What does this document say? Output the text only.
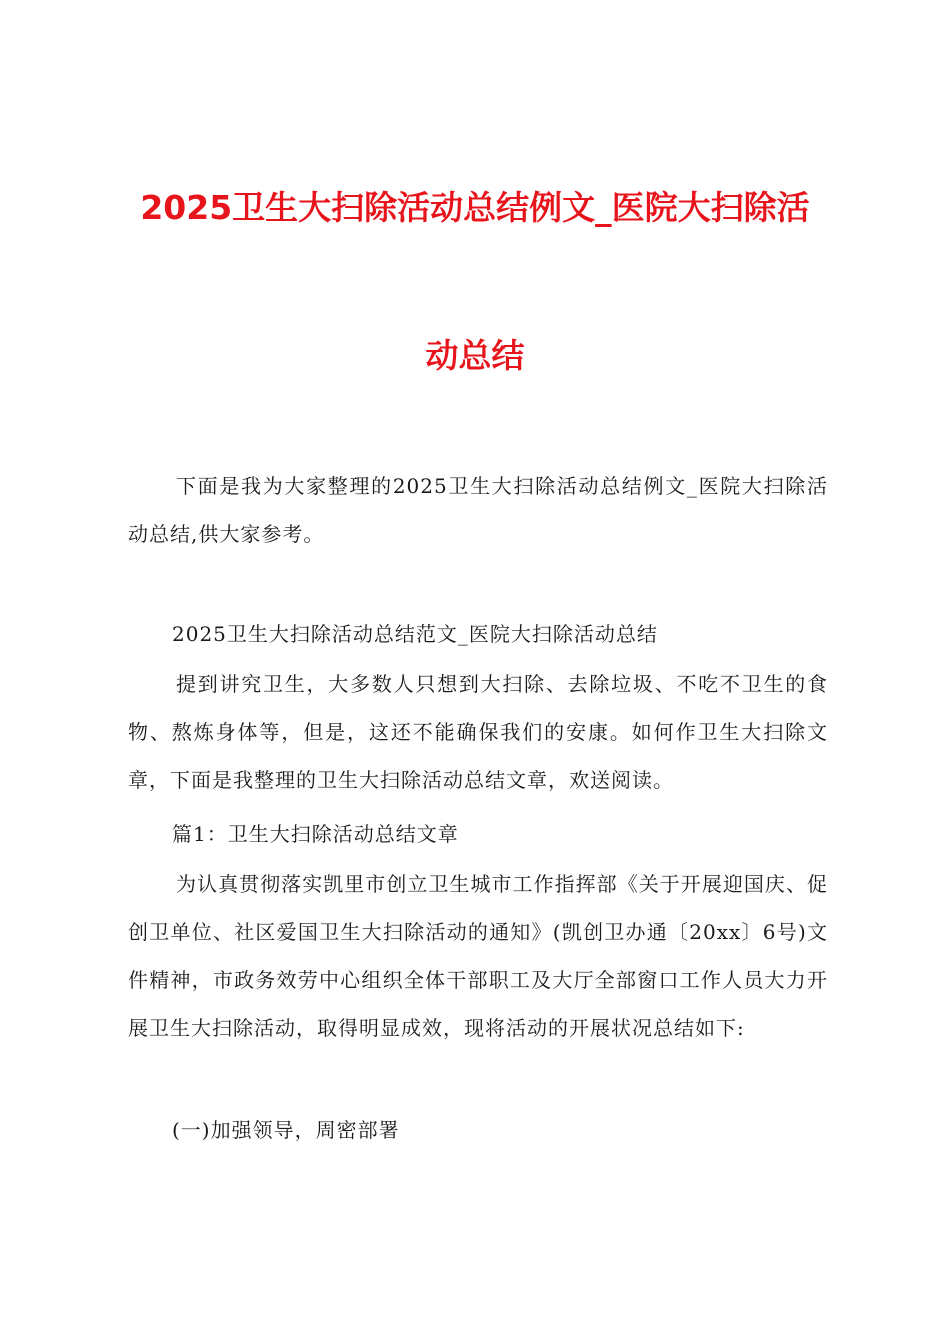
2025卫生大扫除活动总结例文_医院大扫除活
动总结

下面是我为大家整理的2025卫生大扫除活动总结例文_医院大扫除活动总结,供大家参考。

2025卫生大扫除活动总结范文_医院大扫除活动总结

提到讲究卫生，大多数人只想到大扫除、去除垃圾、不吃不卫生的食物、熬炼身体等，但是，这还不能确保我们的安康。如何作卫生大扫除文章，下面是我整理的卫生大扫除活动总结文章，欢送阅读。

篇1：卫生大扫除活动总结文章

为认真贯彻落实凯里市创立卫生城市工作指挥部《关于开展迎国庆、促创卫单位、社区爱国卫生大扫除活动的通知》(凯创卫办通〔20xx〕6号)文件精神，市政务效劳中心组织全体干部职工及大厅全部窗口工作人员大力开展卫生大扫除活动，取得明显成效，现将活动的开展状况总结如下:

(一)加强领导，周密部署
